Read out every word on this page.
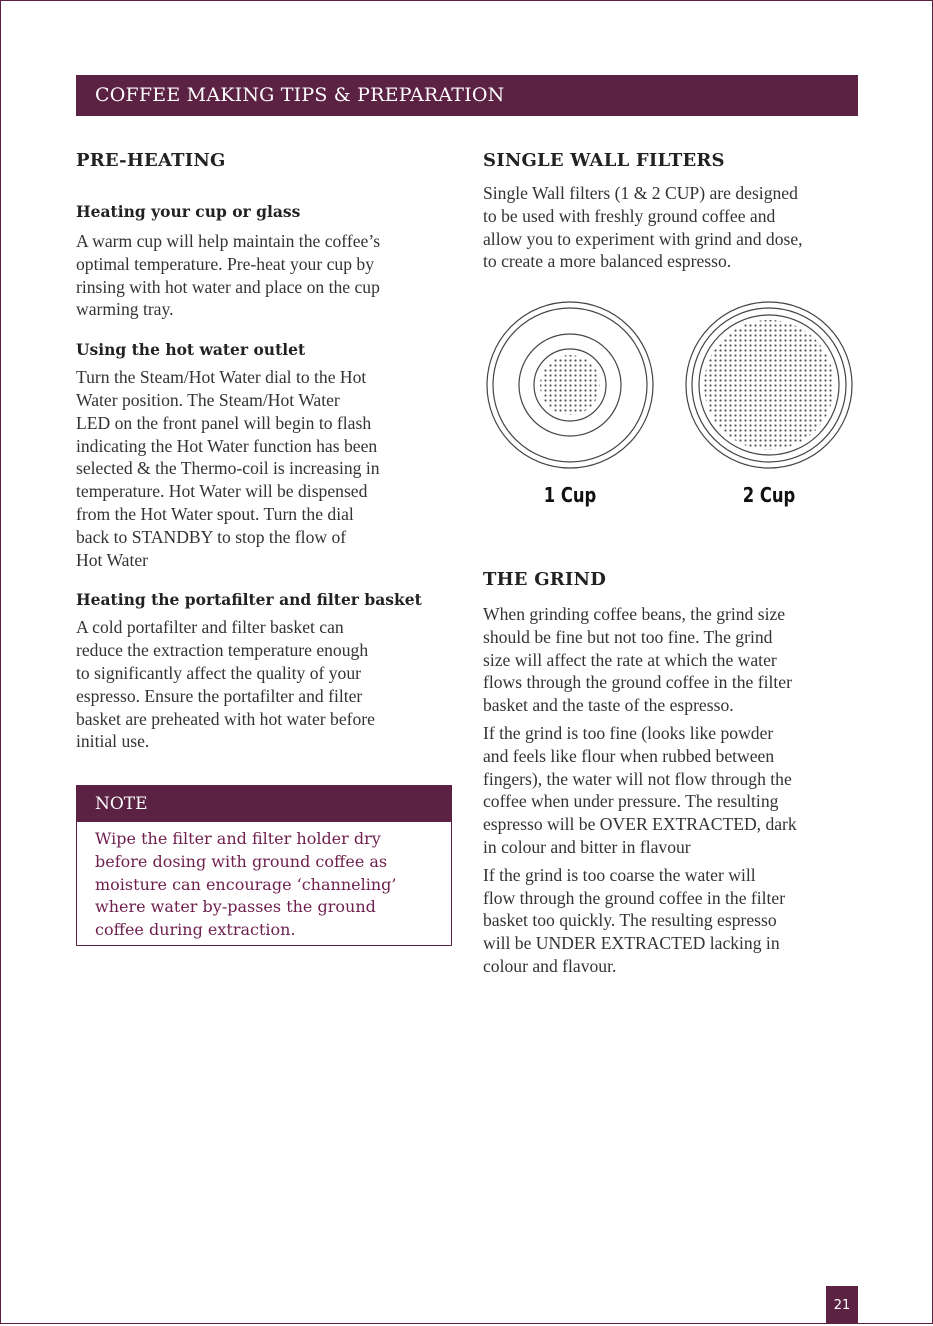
COFFEE MAKING TIPS & PREPARATION
PRE-HEATING
Heating your cup or glass

A warm cup will help maintain the coffee’s
optimal temperature. Pre-heat your cup by
rinsing with hot water and place on the cup
warming tray.

Using the hot water outlet

Turn the Steam/Hot Water dial to the Hot
Water position. The Steam/Hot Water
LED on the front panel will begin to flash
indicating the Hot Water function has been
selected & the Thermo-coil is increasing in
temperature. Hot Water will be dispensed
from the Hot Water spout. Turn the dial
back to STANDBY to stop the flow of
Hot Water

Heating the portafilter and filter basket

A cold portafilter and filter basket can
reduce the extraction temperature enough
to significantly affect the quality of your
espresso. Ensure the portafilter and filter
basket are preheated with hot water before
initial use.

NOTE
Wipe the filter and filter holder dry
before dosing with ground coffee as
moisture can encourage ‘channeling’
where water by-passes the ground
coffee during extraction.
SINGLE WALL FILTERS

Single Wall filters (1 & 2 CUP) are designed
to be used with freshly ground coffee and
allow you to experiment with grind and dose,
to create a more balanced espresso.

1 Cup	2 Cup
THE GRIND

When grinding coffee beans, the grind size
should be fine but not too fine. The grind
size will affect the rate at which the water
flows through the ground coffee in the filter
basket and the taste of the espresso.

If the grind is too fine (looks like powder
and feels like flour when rubbed between
fingers), the water will not flow through the
coffee when under pressure. The resulting
espresso will be OVER EXTRACTED, dark
in colour and bitter in flavour

If the grind is too coarse the water will
flow through the ground coffee in the filter
basket too quickly. The resulting espresso
will be UNDER EXTRACTED lacking in
colour and flavour.

21
